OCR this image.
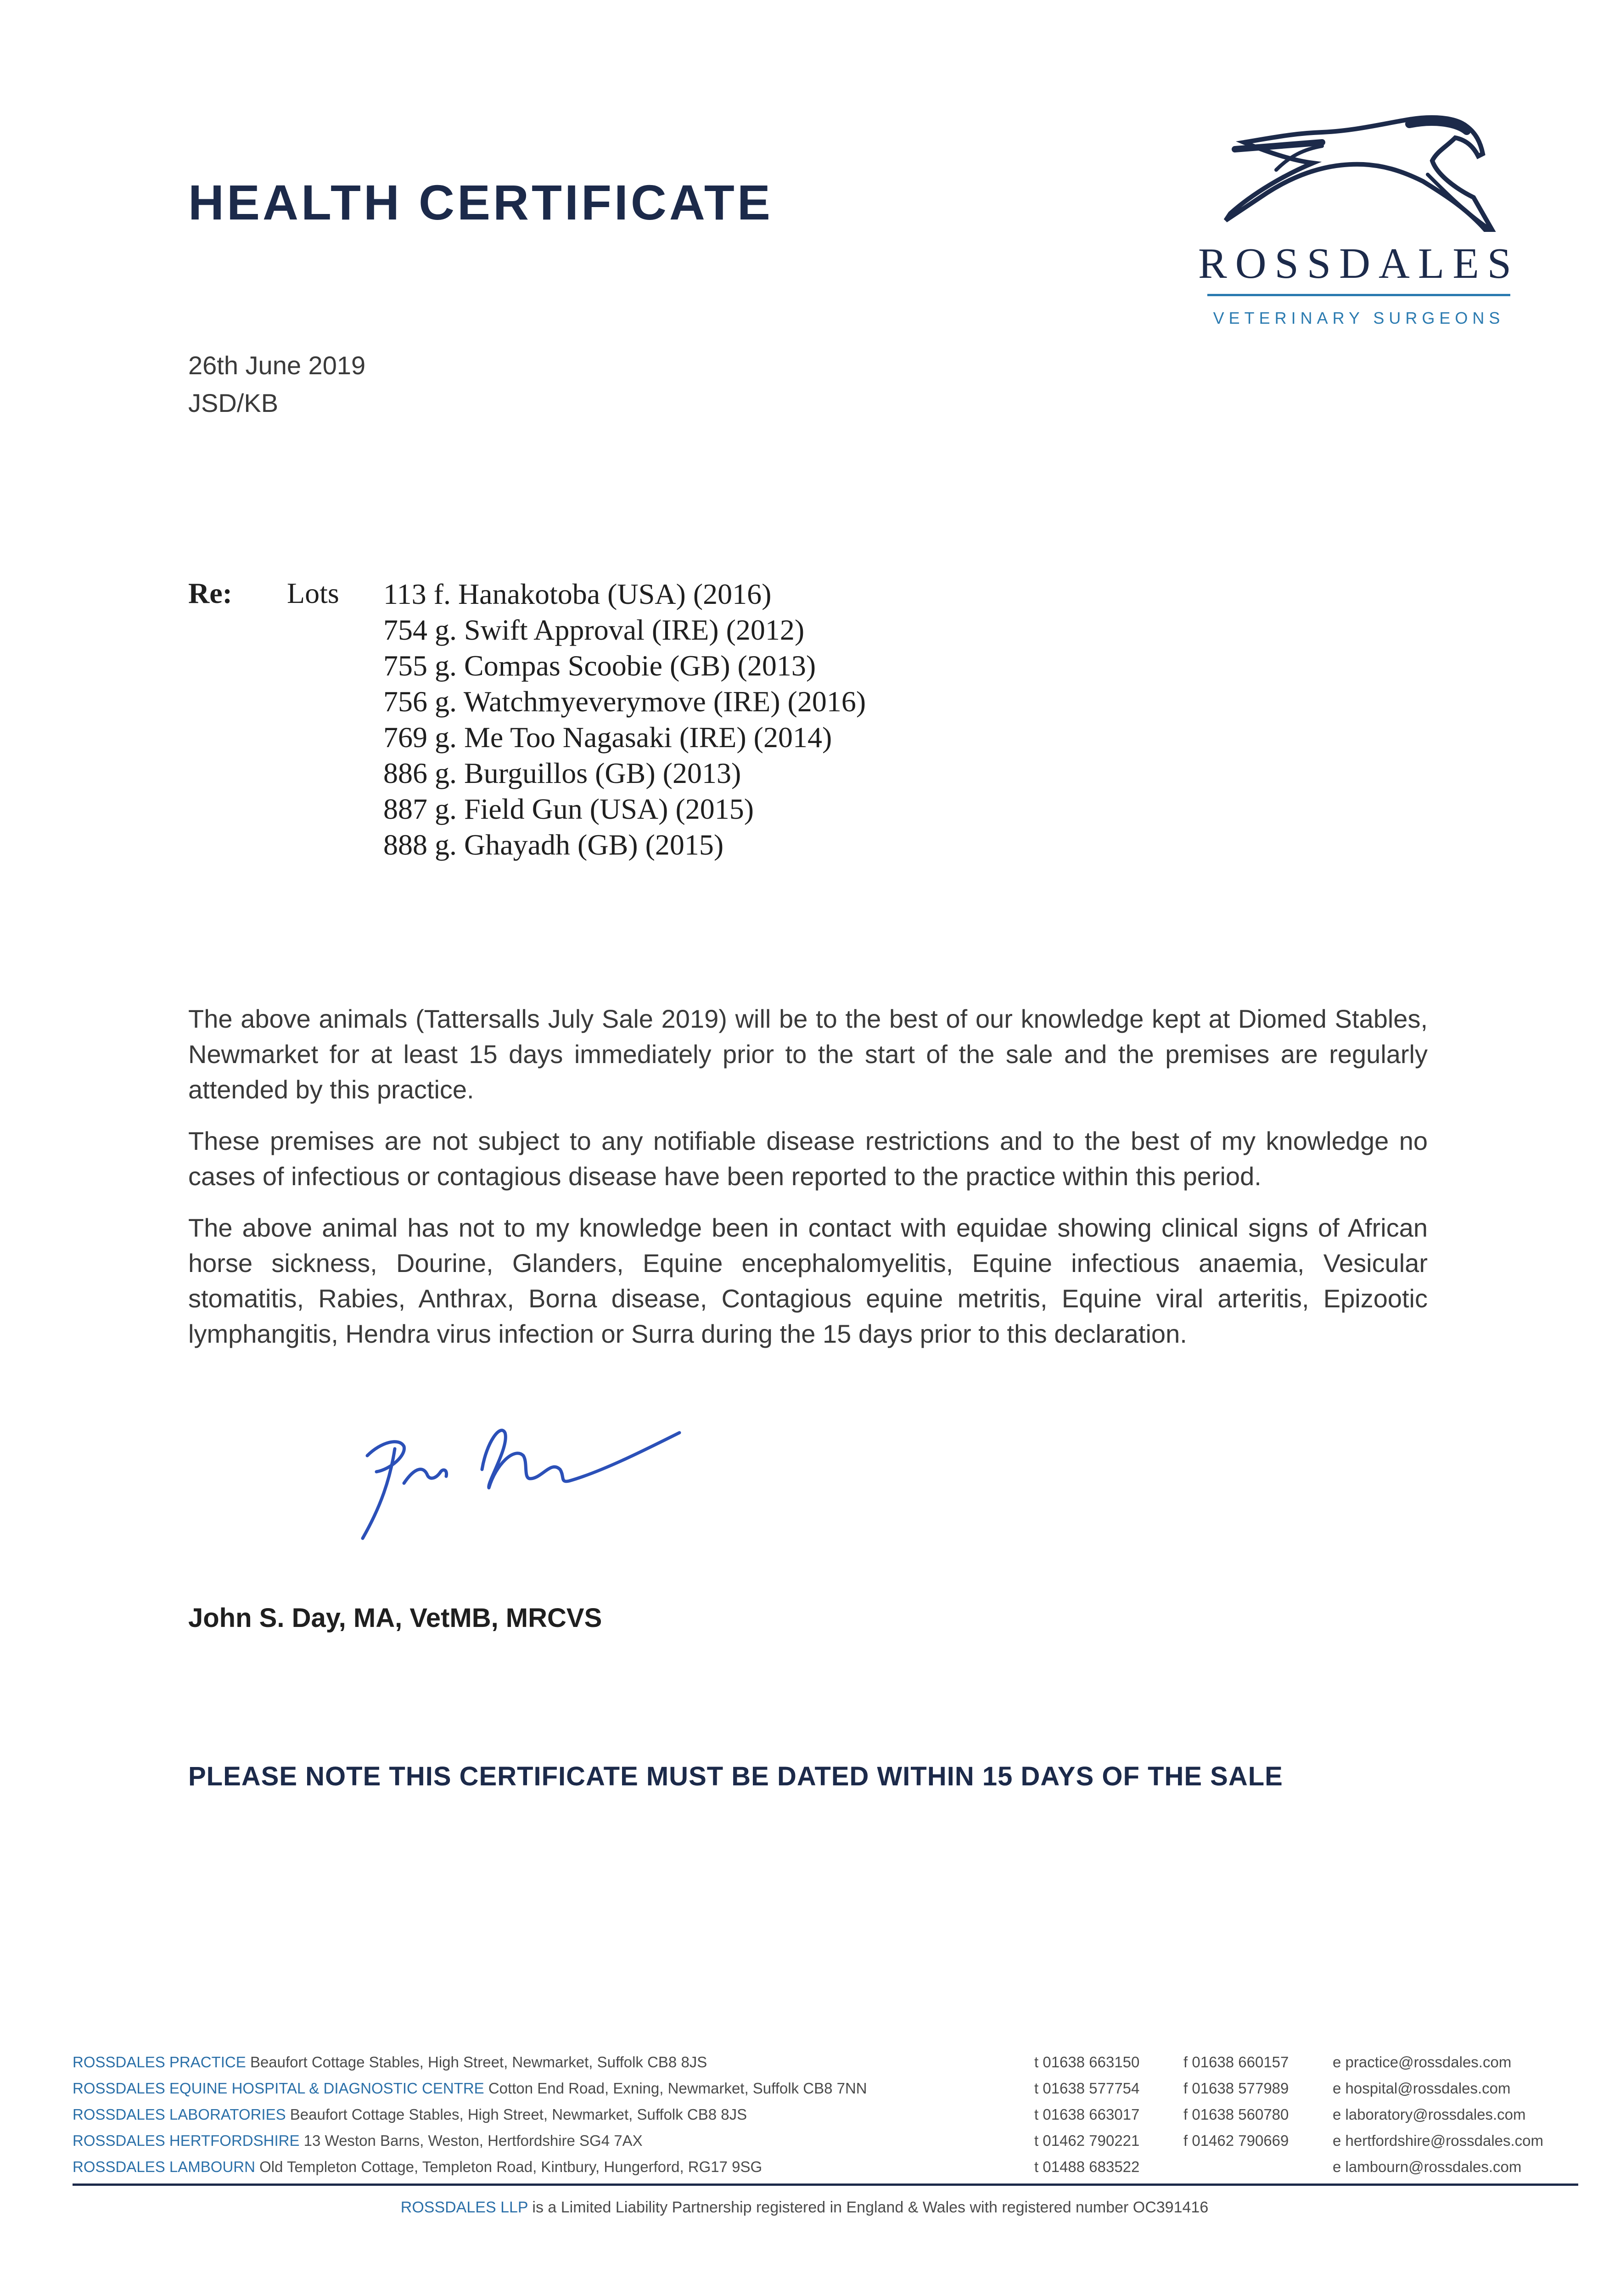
HEALTH CERTIFICATE
ROSSDALES
VETERINARY SURGEONS
26th June 2019
JSD/KB
Re: Lots 113 f. Hanakotoba (USA) (2016)
754 g. Swift Approval (IRE) (2012)
755 g. Compas Scoobie (GB) (2013)
756 g. Watchmyeverymove (IRE) (2016)
769 g. Me Too Nagasaki (IRE) (2014)
886 g. Burguillos (GB) (2013)
887 g. Field Gun (USA) (2015)
888 g. Ghayadh (GB) (2015)

The above animals (Tattersalls July Sale 2019) will be to the best of our knowledge kept at Diomed Stables, Newmarket for at least 15 days immediately prior to the start of the sale and the premises are regularly attended by this practice.

These premises are not subject to any notifiable disease restrictions and to the best of my knowledge no cases of infectious or contagious disease have been reported to the practice within this period.

The above animal has not to my knowledge been in contact with equidae showing clinical signs of African horse sickness, Dourine, Glanders, Equine encephalomyelitis, Equine infectious anaemia, Vesicular stomatitis, Rabies, Anthrax, Borna disease, Contagious equine metritis, Equine viral arteritis, Epizootic lymphangitis, Hendra virus infection or Surra during the 15 days prior to this declaration.

John S. Day, MA, VetMB, MRCVS
PLEASE NOTE THIS CERTIFICATE MUST BE DATED WITHIN 15 DAYS OF THE SALE
ROSSDALES PRACTICE Beaufort Cottage Stables, High Street, Newmarket, Suffolk CB8 8JS	t 01638 663150	f 01638 660157	e practice@rossdales.com
ROSSDALES EQUINE HOSPITAL & DIAGNOSTIC CENTRE Cotton End Road, Exning, Newmarket, Suffolk CB8 7NN	t 01638 577754	f 01638 577989	e hospital@rossdales.com
ROSSDALES LABORATORIES Beaufort Cottage Stables, High Street, Newmarket, Suffolk CB8 8JS	t 01638 663017	f 01638 560780	e laboratory@rossdales.com
ROSSDALES HERTFORDSHIRE 13 Weston Barns, Weston, Hertfordshire SG4 7AX	t 01462 790221	f 01462 790669	e hertfordshire@rossdales.com
ROSSDALES LAMBOURN Old Templeton Cottage, Templeton Road, Kintbury, Hungerford, RG17 9SG	t 01488 683522	e lambourn@rossdales.com
ROSSDALES LLP is a Limited Liability Partnership registered in England & Wales with registered number OC391416
